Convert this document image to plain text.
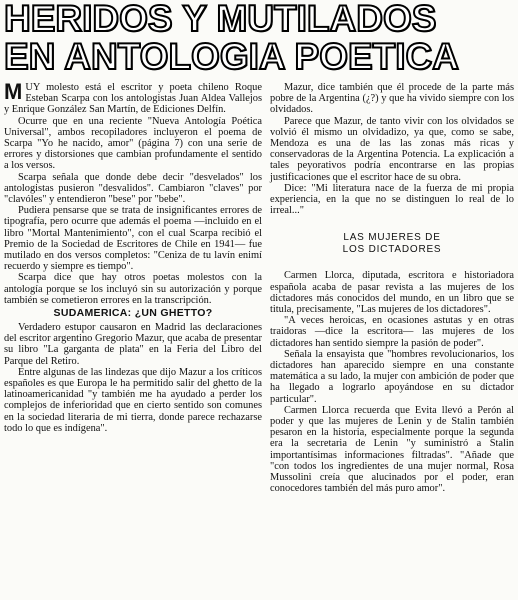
HERIDOS Y MUTILADOS
EN ANTOLOGIA POETICA

MUY molesto está el escritor y poeta chileno Roque Esteban Scarpa con los antologistas Juan Aldea Vallejos y Enrique González San Martín, de Ediciones Delfín.

Ocurre que en una reciente "Nueva Antología Poética Universal", ambos recopiladores incluyeron el poema de Scarpa "Yo he nacido, amor" (página 7) con una serie de errores y distorsiones que cambian profundamente el sentido a los versos.

Scarpa señala que donde debe decir "desvelados" los antologistas pusieron "desvalidos". Cambiaron "claves" por "clavóles" y entendieron "bese" por "bebe".

Pudiera pensarse que se trata de insignificantes errores de tipografía, pero ocurre que además el poema —incluido en el libro "Mortal Mantenimiento", con el cual Scarpa recibió el Premio de la Sociedad de Escritores de Chile en 1941— fue mutilado en dos versos completos: "Ceniza de tu lavín enimí recuerdo y siempre es tiempo".

Scarpa dice que hay otros poetas molestos con la antología porque se los incluyó sin su autorización y porque también se cometieron errores en la transcripción.

SUDAMERICA: ¿UN GHETTO?

Verdadero estupor causaron en Madrid las declaraciones del escritor argentino Gregorio Mazur, que acaba de presentar su libro "La garganta de plata" en la Feria del Libro del Parque del Retiro.

Entre algunas de las lindezas que dijo Mazur a los críticos españoles es que Europa le ha permitido salir del ghetto de la latinoamericanidad "y también me ha ayudado a perder los complejos de inferioridad que en cierto sentido son comunes en la sociedad literaria de mi tierra, donde parece rechazarse todo lo que es indígena".

Mazur, dice también que él procede de la parte más pobre de la Argentina (¿?) y que ha vivido siempre con los olvidados.

Parece que Mazur, de tanto vivir con los olvidados se volvió él mismo un olvidadizo, ya que, como se sabe, Mendoza es una de las las zonas más ricas y conservadoras de la Argentina Potencia. La explicación a tales peyorativos podría encontrarse en las propias justificaciones que el escritor hace de su obra.

Dice: "Mi literatura nace de la fuerza de mi propia experiencia, en la que no se distinguen lo real de lo irreal..."

LAS MUJERES DE
LOS DICTADORES

Carmen Llorca, diputada, escritora e historiadora española acaba de pasar revista a las mujeres de los dictadores más conocidos del mundo, en un libro que se titula, precisamente, "Las mujeres de los dictadores".

"A veces heroicas, en ocasiones astutas y en otras traidoras —dice la escritora— las mujeres de los dictadores han sentido siempre la pasión de poder".

Señala la ensayista que "hombres revolucionarios, los dictadores han aparecido siempre en una constante matemática a su lado, la mujer con ambición de poder que ha llegado a lograrlo apoyándose en su dictador particular".

Carmen Llorca recuerda que Evita llevó a Perón al poder y que las mujeres de Lenin y de Stalin también pesaron en la historia, especialmente porque la segunda era la secretaria de Lenin "y suministró a Stalin importantísimas informaciones filtradas". "Añade que "con todos los ingredientes de una mujer normal, Rosa Mussolini creía que alucinados por el poder, eran conocedores también del más puro amor".
